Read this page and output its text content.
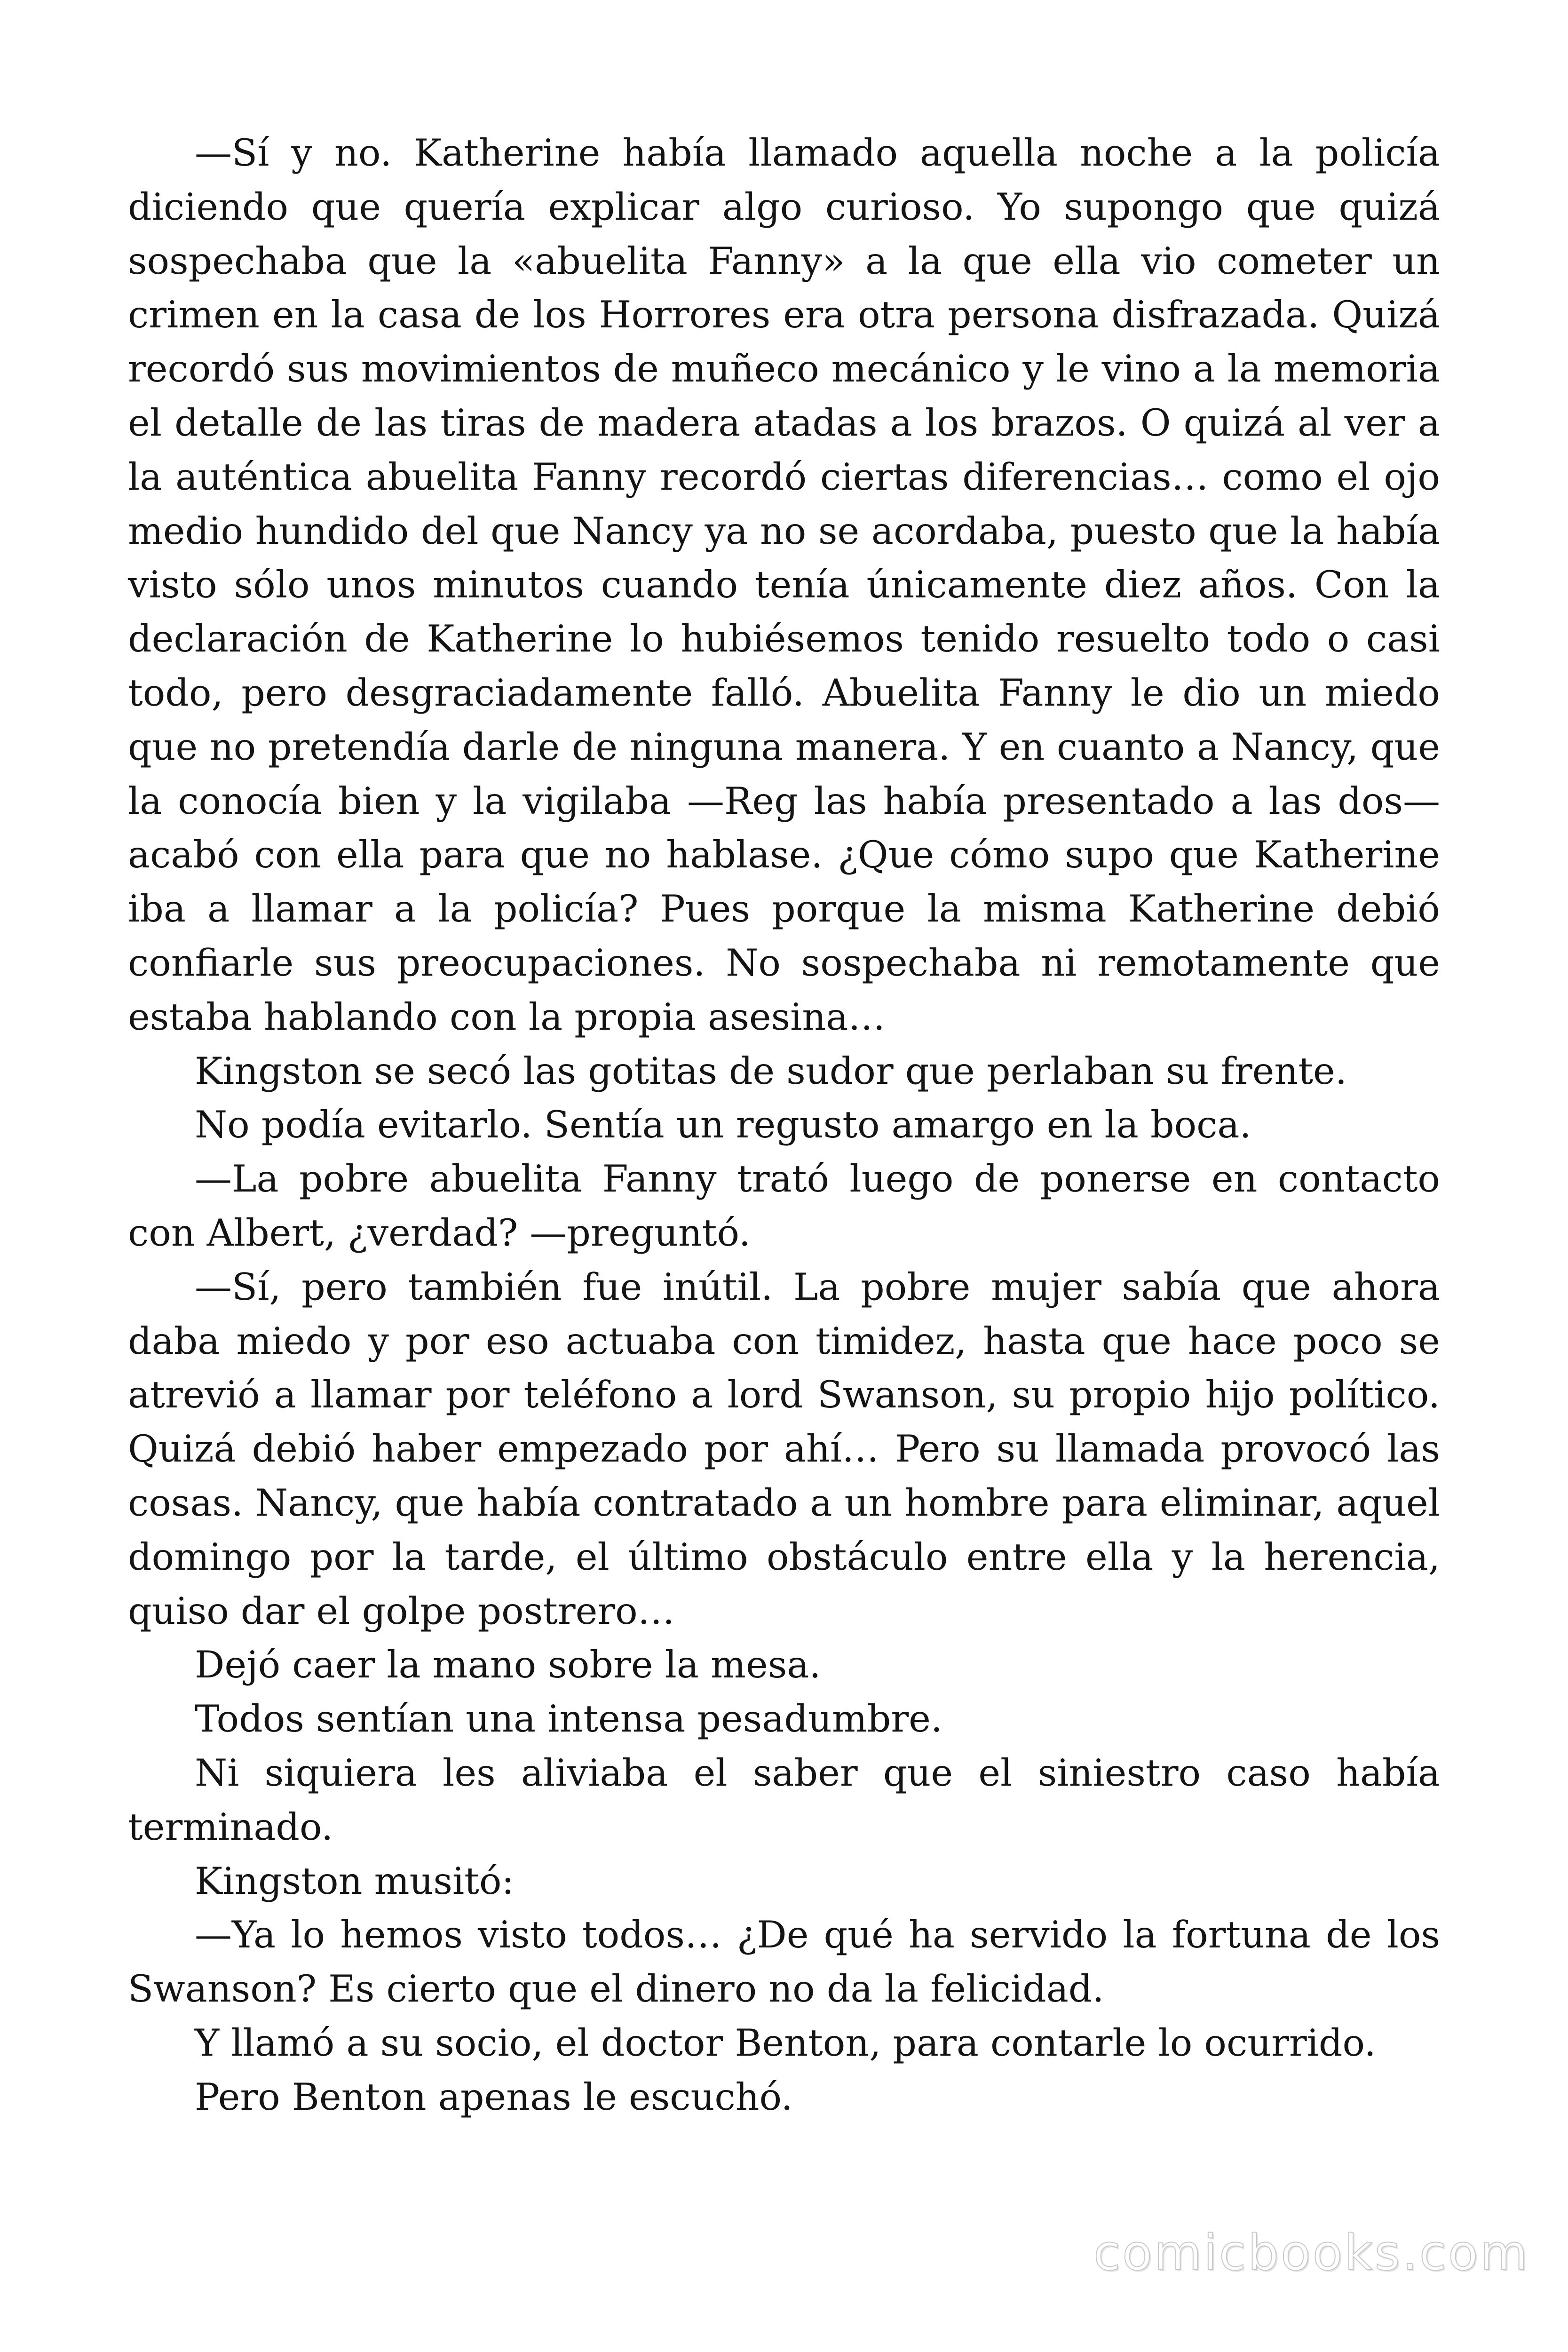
—Sí y no. Katherine había llamado aquella noche a la policía diciendo que quería explicar algo curioso. Yo supongo que quizá sospechaba que la «abuelita Fanny» a la que ella vio cometer un crimen en la casa de los Horrores era otra persona disfrazada. Quizá recordó sus movimientos de muñeco mecánico y le vino a la memoria el detalle de las tiras de madera atadas a los brazos. O quizá al ver a la auténtica abuelita Fanny recordó ciertas diferencias… como el ojo medio hundido del que Nancy ya no se acordaba, puesto que la había visto sólo unos minutos cuando tenía únicamente diez años. Con la declaración de Katherine lo hubiésemos tenido resuelto todo o casi todo, pero desgraciadamente falló. Abuelita Fanny le dio un miedo que no pretendía darle de ninguna manera. Y en cuanto a Nancy, que la conocía bien y la vigilaba —Reg las había presentado a las dos— acabó con ella para que no hablase. ¿Que cómo supo que Katherine iba a llamar a la policía? Pues porque la misma Katherine debió confiarle sus preocupaciones. No sospechaba ni remotamente que estaba hablando con la propia asesina…

Kingston se secó las gotitas de sudor que perlaban su frente.

No podía evitarlo. Sentía un regusto amargo en la boca.

—La pobre abuelita Fanny trató luego de ponerse en contacto con Albert, ¿verdad? —preguntó.

—Sí, pero también fue inútil. La pobre mujer sabía que ahora daba miedo y por eso actuaba con timidez, hasta que hace poco se atrevió a llamar por teléfono a lord Swanson, su propio hijo político. Quizá debió haber empezado por ahí… Pero su llamada provocó las cosas. Nancy, que había contratado a un hombre para eliminar, aquel domingo por la tarde, el último obstáculo entre ella y la herencia, quiso dar el golpe postrero…

Dejó caer la mano sobre la mesa.

Todos sentían una intensa pesadumbre.

Ni siquiera les aliviaba el saber que el siniestro caso había terminado.

Kingston musitó:

—Ya lo hemos visto todos… ¿De qué ha servido la fortuna de los Swanson? Es cierto que el dinero no da la felicidad.

Y llamó a su socio, el doctor Benton, para contarle lo ocurrido.

Pero Benton apenas le escuchó.

comicbooks.com
